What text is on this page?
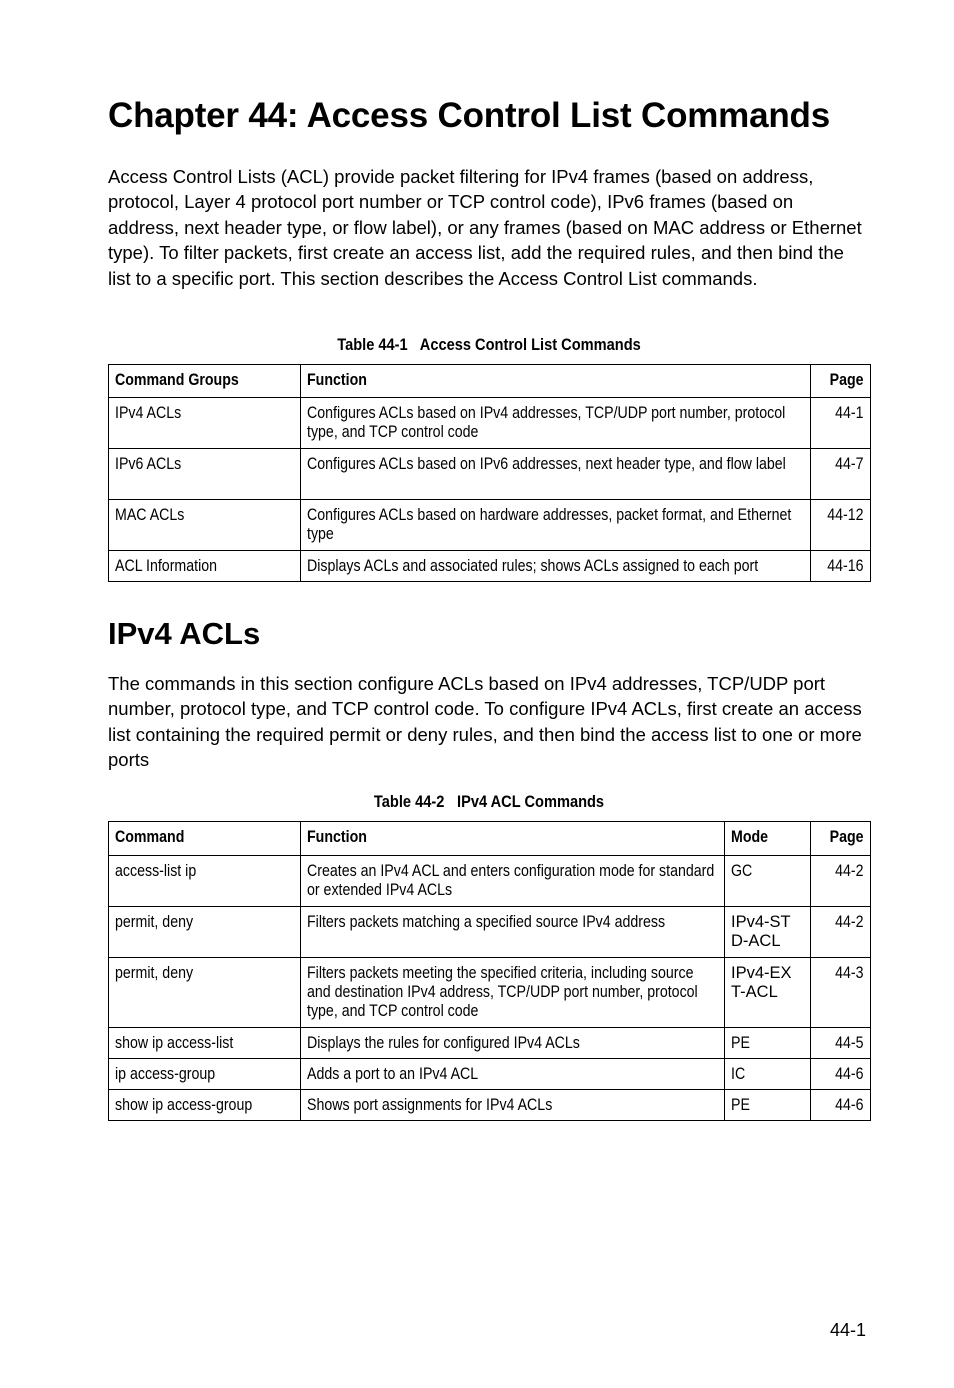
Chapter 44: Access Control List Commands

Access Control Lists (ACL) provide packet filtering for IPv4 frames (based on address, protocol, Layer 4 protocol port number or TCP control code), IPv6 frames (based on address, next header type, or flow label), or any frames (based on MAC address or Ethernet type). To filter packets, first create an access list, add the required rules, and then bind the list to a specific port. This section describes the Access Control List commands.

Table 44-1 Access Control List Commands
Command Groups	Function	Page
IPv4 ACLs	Configures ACLs based on IPv4 addresses, TCP/UDP port number, protocol type, and TCP control code	44-1
IPv6 ACLs	Configures ACLs based on IPv6 addresses, next header type, and flow label	44-7
MAC ACLs	Configures ACLs based on hardware addresses, packet format, and Ethernet type	44-12
ACL Information	Displays ACLs and associated rules; shows ACLs assigned to each port	44-16
IPv4 ACLs

The commands in this section configure ACLs based on IPv4 addresses, TCP/UDP port number, protocol type, and TCP control code. To configure IPv4 ACLs, first create an access list containing the required permit or deny rules, and then bind the access list to one or more ports

Table 44-2 IPv4 ACL Commands
Command	Function	Mode	Page
access-list ip	Creates an IPv4 ACL and enters configuration mode for standard or extended IPv4 ACLs	GC	44-2
permit, deny	Filters packets matching a specified source IPv4 address	IPv4-STD-ACL	44-2
permit, deny	Filters packets meeting the specified criteria, including source and destination IPv4 address, TCP/UDP port number, protocol type, and TCP control code	IPv4-EXT-ACL	44-3
show ip access-list	Displays the rules for configured IPv4 ACLs	PE	44-5
ip access-group	Adds a port to an IPv4 ACL	IC	44-6
show ip access-group	Shows port assignments for IPv4 ACLs	PE	44-6
44-1
